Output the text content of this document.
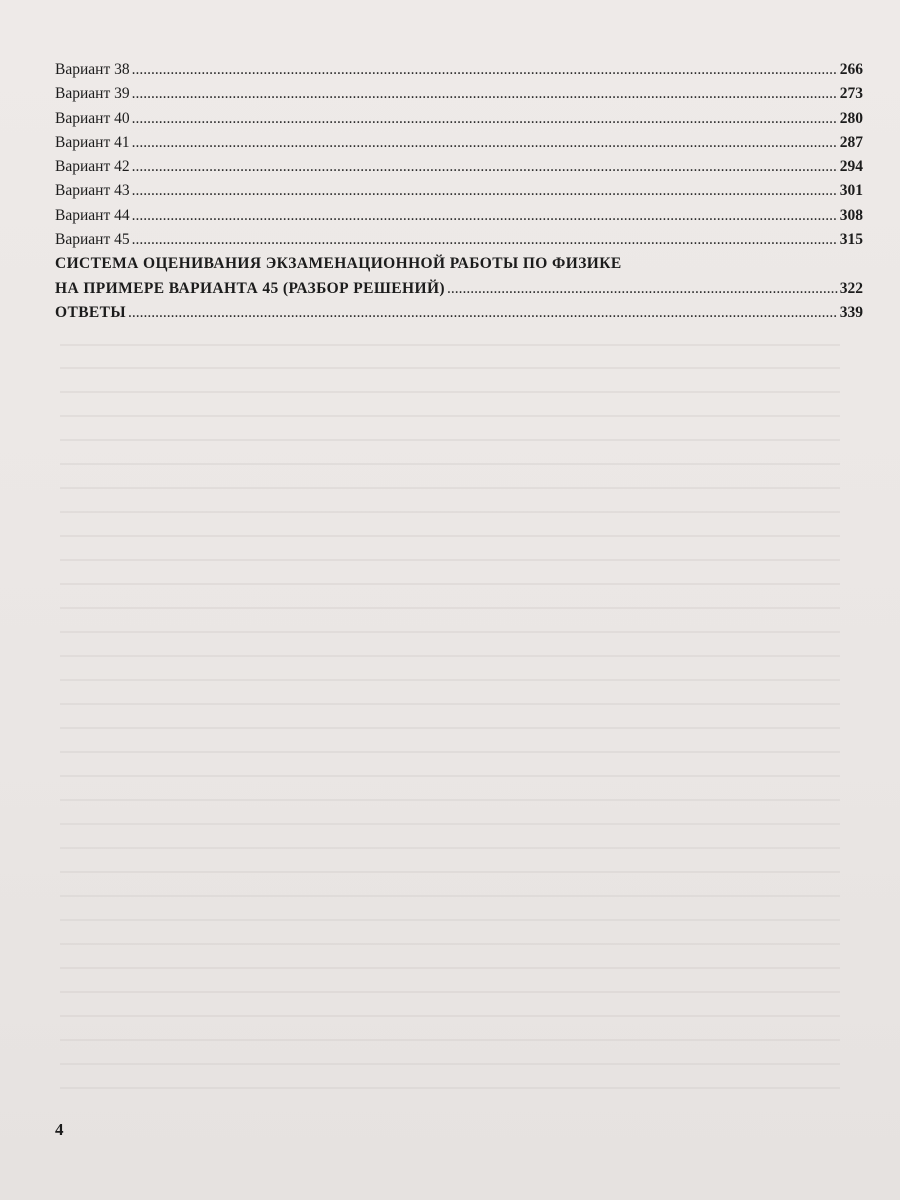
Вариант 38 .....	266
Вариант 39 .....	273
Вариант 40 .....	280
Вариант 41 .....	287
Вариант 42 .....	294
Вариант 43 .....	301
Вариант 44 .....	308
Вариант 45 .....	315
СИСТЕМА ОЦЕНИВАНИЯ ЭКЗАМЕНАЦИОННОЙ РАБОТЫ ПО ФИЗИКЕ
НА ПРИМЕРЕ ВАРИАНТА 45 (РАЗБОР РЕШЕНИЙ) .....	322
ОТВЕТЫ .....	339
4
